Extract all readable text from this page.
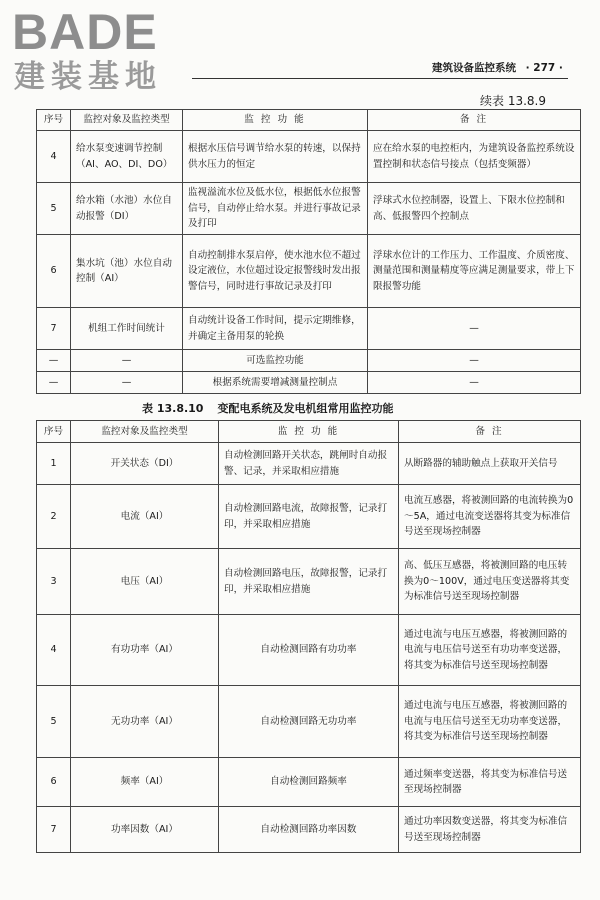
BADE
建装基地	建筑设备监控系统 · 277 ·
续表 13.8.9
序号	监控对象及监控类型	监 控 功 能	备 注
4	给水泵变速调节控制（AI、AO、DI、DO）	根据水压信号调节给水泵的转速，以保持供水压力的恒定	应在给水泵的电控柜内，为建筑设备监控系统设置控制和状态信号接点（包括变频器）
5	给水箱（水池）水位自动报警（DI）	监视溢流水位及低水位，根据低水位报警信号，自动停止给水泵。并进行事故记录及打印	浮球式水位控制器，设置上、下限水位控制和高、低报警四个控制点
6	集水坑（池）水位自动控制（AI）	自动控制排水泵启停，使水池水位不超过设定液位，水位超过设定报警线时发出报警信号，同时进行事故记录及打印	浮球水位计的工作压力、工作温度、介质密度、测量范围和测量精度等应满足测量要求，带上下限报警功能
7	机组工作时间统计	自动统计设备工作时间，提示定期维修，并确定主备用泵的轮换	—
—	—	可选监控功能	—
—	—	根据系统需要增减测量控制点	—
表 13.8.10 变配电系统及发电机组常用监控功能
序号	监控对象及监控类型	监 控 功 能	备 注
1	开关状态（DI）	自动检测回路开关状态，跳闸时自动报警、记录，并采取相应措施	从断路器的辅助触点上获取开关信号
2	电流（AI）	自动检测回路电流，故障报警，记录打印，并采取相应措施	电流互感器，将被测回路的电流转换为0～5A，通过电流变送器将其变为标准信号送至现场控制器
3	电压（AI）	自动检测回路电压，故障报警，记录打印，并采取相应措施	高、低压互感器，将被测回路的电压转换为0～100V，通过电压变送器将其变为标准信号送至现场控制器
4	有功功率（AI）	自动检测回路有功功率	通过电流与电压互感器，将被测回路的电流与电压信号送至有功功率变送器，将其变为标准信号送至现场控制器
5	无功功率（AI）	自动检测回路无功功率	通过电流与电压互感器，将被测回路的电流与电压信号送至无功功率变送器，将其变为标准信号送至现场控制器
6	频率（AI）	自动检测回路频率	通过频率变送器，将其变为标准信号送至现场控制器
7	功率因数（AI）	自动检测回路功率因数	通过功率因数变送器，将其变为标准信号送至现场控制器
